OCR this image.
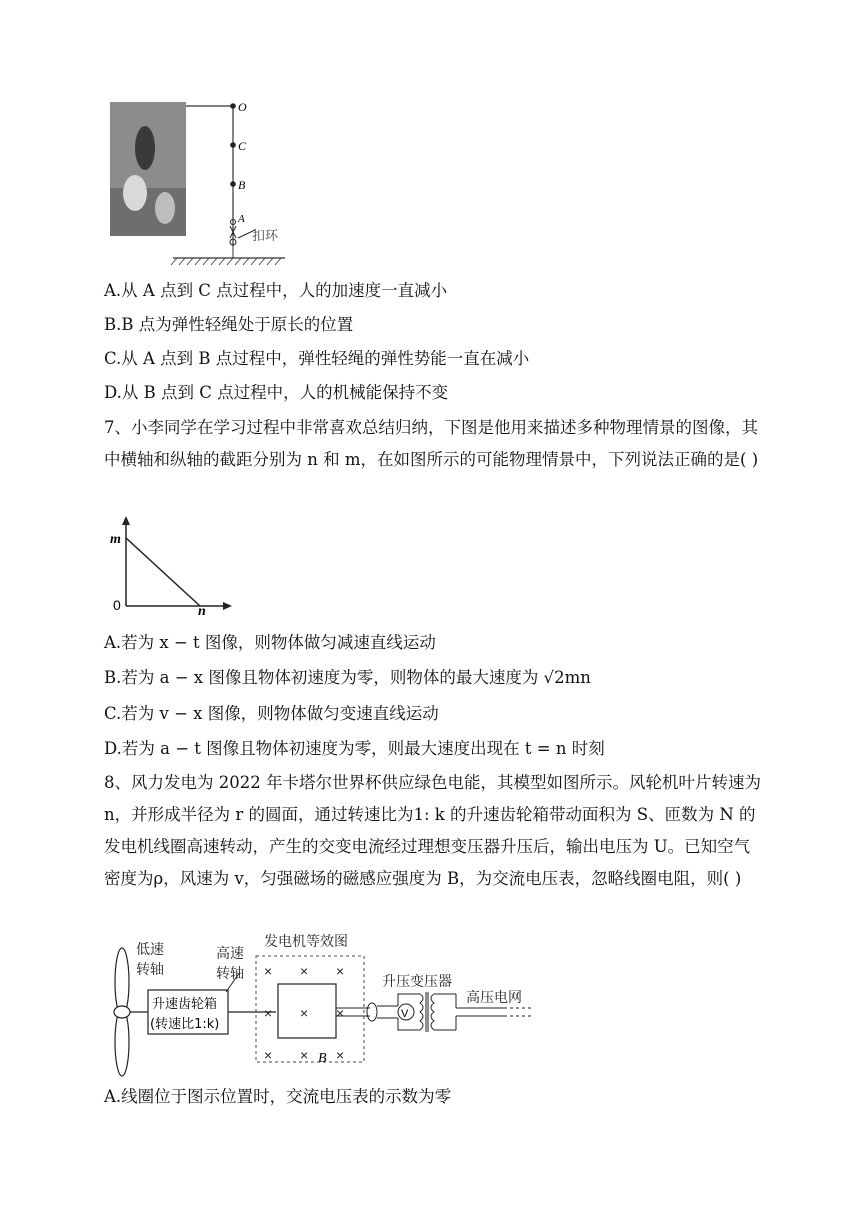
O
C
B
A
扣环
A.从 A 点到 C 点过程中，人的加速度一直减小
B.B 点为弹性轻绳处于原长的位置
C.从 A 点到 B 点过程中，弹性轻绳的弹性势能一直在减小
D.从 B 点到 C 点过程中，人的机械能保持不变
7、小李同学在学习过程中非常喜欢总结归纳，下图是他用来描述多种物理情景的图像，其中横轴和纵轴的截距分别为 n 和 m，在如图所示的可能物理情景中，下列说法正确的是( )
m
0	n
A.若为 x − t 图像，则物体做匀减速直线运动
B.若为 a − x 图像且物体初速度为零，则物体的最大速度为 √2mn
C.若为 v − x 图像，则物体做匀变速直线运动
D.若为 a − t 图像且物体初速度为零，则最大速度出现在 t = n 时刻
8、风力发电为 2022 年卡塔尔世界杯供应绿色电能，其模型如图所示。风轮机叶片转速为 n，并形成半径为 r 的圆面，通过转速比为1: k 的升速齿轮箱带动面积为 S、匝数为 N 的发电机线圈高速转动，产生的交变电流经过理想变压器升压后，输出电压为 U。已知空气密度为ρ，风速为 v，匀强磁场的磁感应强度为 B，为交流电压表，忽略线圈电阻，则( )
低速
转轴
高速
转轴
发电机等效图
升压变压器
高压电网
升速齿轮箱
(转速比1:k)
× × ×
× × ×
× × ×
B
V
A.线圈位于图示位置时，交流电压表的示数为零
